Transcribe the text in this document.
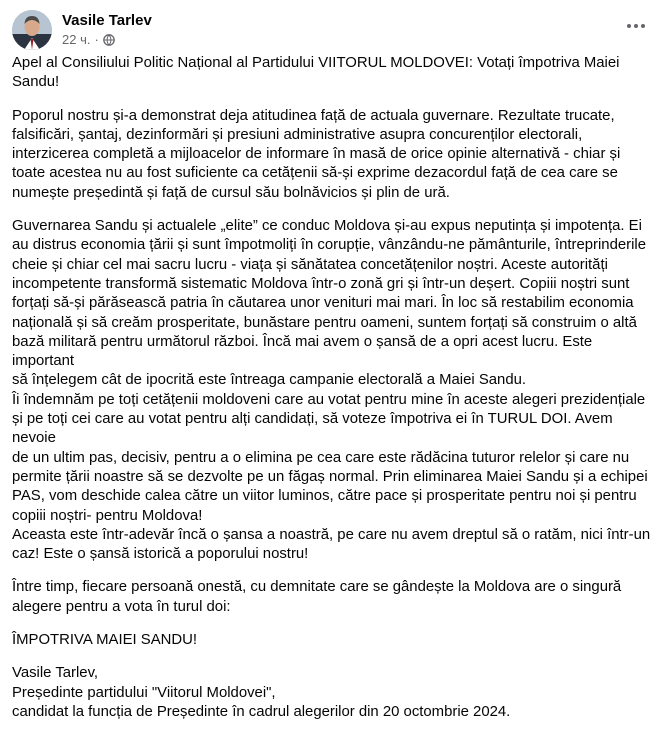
Vasile Tarlev
22 ч. ·
Apel al Consiliului Politic Național al Partidului VIITORUL MOLDOVEI: Votați împotriva Maiei
Sandu!
Poporul nostru și-a demonstrat deja atitudinea față de actuala guvernare. Rezultate trucate,
falsificări, șantaj, dezinformări și presiuni administrative asupra concurenților electorali,
interzicerea completă a mijloacelor de informare în masă de orice opinie alternativă - chiar și
toate acestea nu au fost suficiente ca cetățenii să-și exprime dezacordul față de cea care se
numește președintă și față de cursul său bolnăvicios și plin de ură.
Guvernarea Sandu și actualele „elite” ce conduc Moldova și-au expus neputința și impotența. Ei
au distrus economia țării și sunt împotmoliți în corupție, vânzându-ne pământurile, întreprinderile
cheie și chiar cel mai sacru lucru - viața și sănătatea concetățenilor noștri. Aceste autorități
incompetente transformă sistematic Moldova într-o zonă gri și într-un deșert. Copiii noștri sunt
forțați să-și părăsească patria în căutarea unor venituri mai mari. În loc să restabilim economia
națională și să creăm prosperitate, bunăstare pentru oameni, suntem forțați să construim o altă
bază militară pentru următorul război. Încă mai avem o șansă de a opri acest lucru. Este important
să înțelegem cât de ipocrită este întreaga campanie electorală a Maiei Sandu.
Îi îndemnăm pe toți cetățenii moldoveni care au votat pentru mine în aceste alegeri prezidențiale
și pe toți cei care au votat pentru alți candidați, să votеze împotriva ei în TURUL DOI. Avem nevoie
de un ultim pas, decisiv, pentru a o elimina pe cea care este rădăcina tuturor relelor și care nu
permite țării noastre să se dezvolte pe un făgaș normal. Prin eliminarea Maiei Sandu și a echipei
PAS, vom deschide calea către un viitor luminos, către pace și prosperitate pentru noi și pentru
copiii noștri- pentru Moldova!
Aceasta este într-adevăr încă o șansa a noastră, pe care nu avem dreptul să o ratăm, nici într-un
caz! Este o șansă istorică a poporului nostru!
Între timp, fiecare persoană onestă, cu demnitate care se gândește la Moldova are o singură
alegere pentru a vota în turul doi:
ÎMPOTRIVA MAIEI SANDU!
Vasile Tarlev,
Președinte partidului "Viitorul Moldovei",
candidat la funcția de Președinte în cadrul alegerilor din 20 octombrie 2024.
